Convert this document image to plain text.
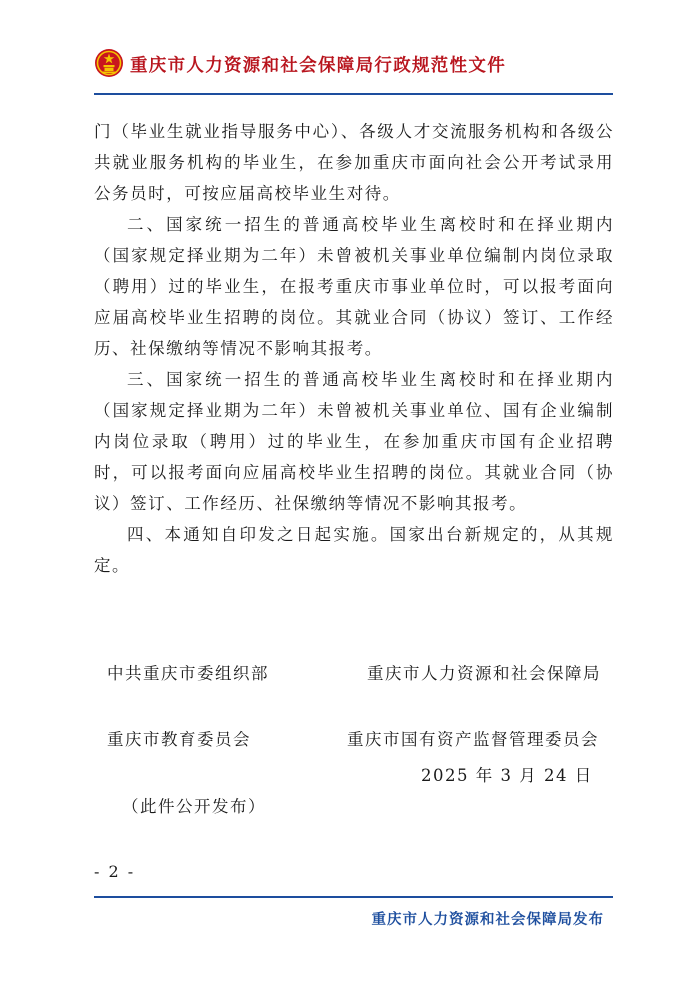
重庆市人力资源和社会保障局行政规范性文件

门（毕业生就业指导服务中心）、各级人才交流服务机构和各级公共就业服务机构的毕业生，在参加重庆市面向社会公开考试录用公务员时，可按应届高校毕业生对待。

二、国家统一招生的普通高校毕业生离校时和在择业期内（国家规定择业期为二年）未曾被机关事业单位编制内岗位录取（聘用）过的毕业生，在报考重庆市事业单位时，可以报考面向应届高校毕业生招聘的岗位。其就业合同（协议）签订、工作经历、社保缴纳等情况不影响其报考。

三、国家统一招生的普通高校毕业生离校时和在择业期内（国家规定择业期为二年）未曾被机关事业单位、国有企业编制内岗位录取（聘用）过的毕业生，在参加重庆市国有企业招聘时，可以报考面向应届高校毕业生招聘的岗位。其就业合同（协议）签订、工作经历、社保缴纳等情况不影响其报考。

四、本通知自印发之日起实施。国家出台新规定的，从其规定。

中共重庆市委组织部	重庆市人力资源和社会保障局
重庆市教育委员会	重庆市国有资产监督管理委员会
2025 年 3 月 24 日
（此件公开发布）
- 2 -
重庆市人力资源和社会保障局发布
